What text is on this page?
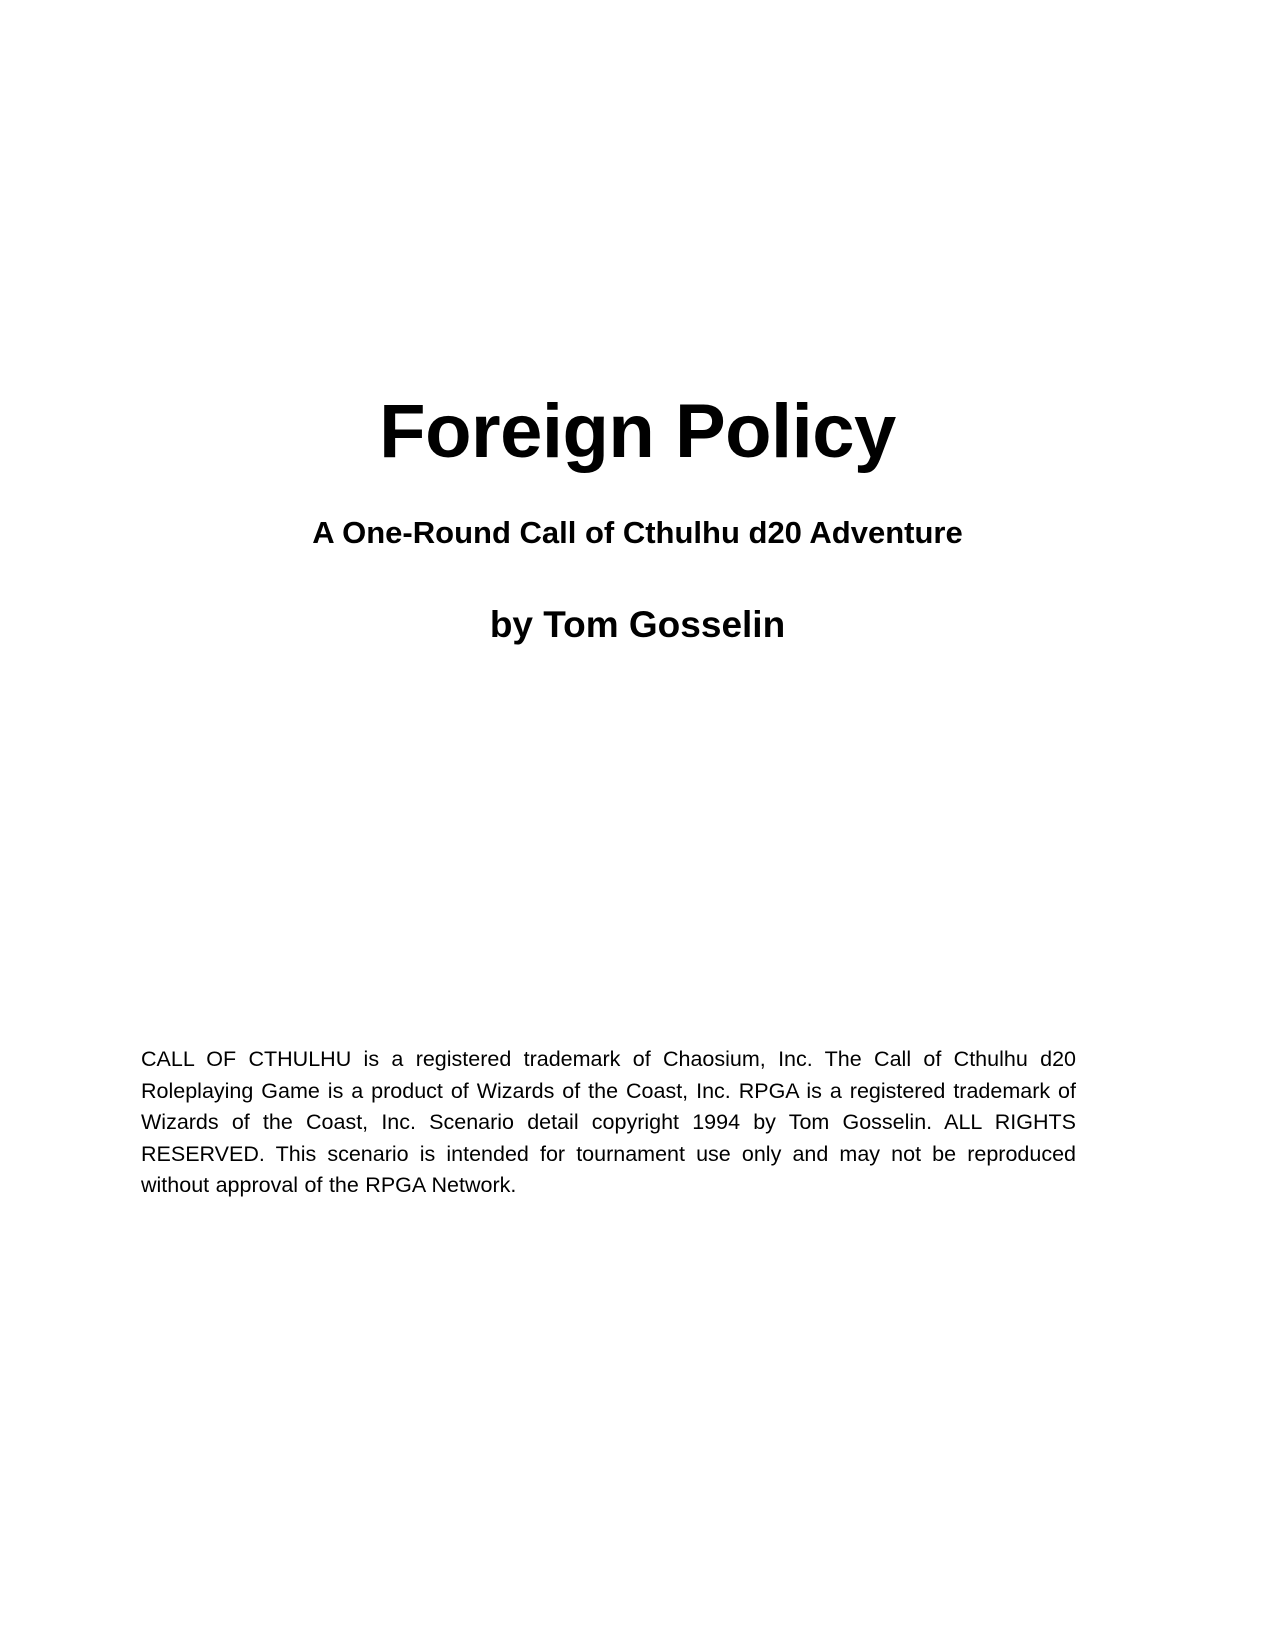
Foreign Policy
A One-Round Call of Cthulhu d20 Adventure
by Tom Gosselin

CALL OF CTHULHU is a registered trademark of Chaosium, Inc. The Call of Cthulhu d20 Roleplaying Game is a product of Wizards of the Coast, Inc. RPGA is a registered trademark of Wizards of the Coast, Inc. Scenario detail copyright 1994 by Tom Gosselin. ALL RIGHTS RESERVED. This scenario is intended for tournament use only and may not be reproduced without approval of the RPGA Network.
